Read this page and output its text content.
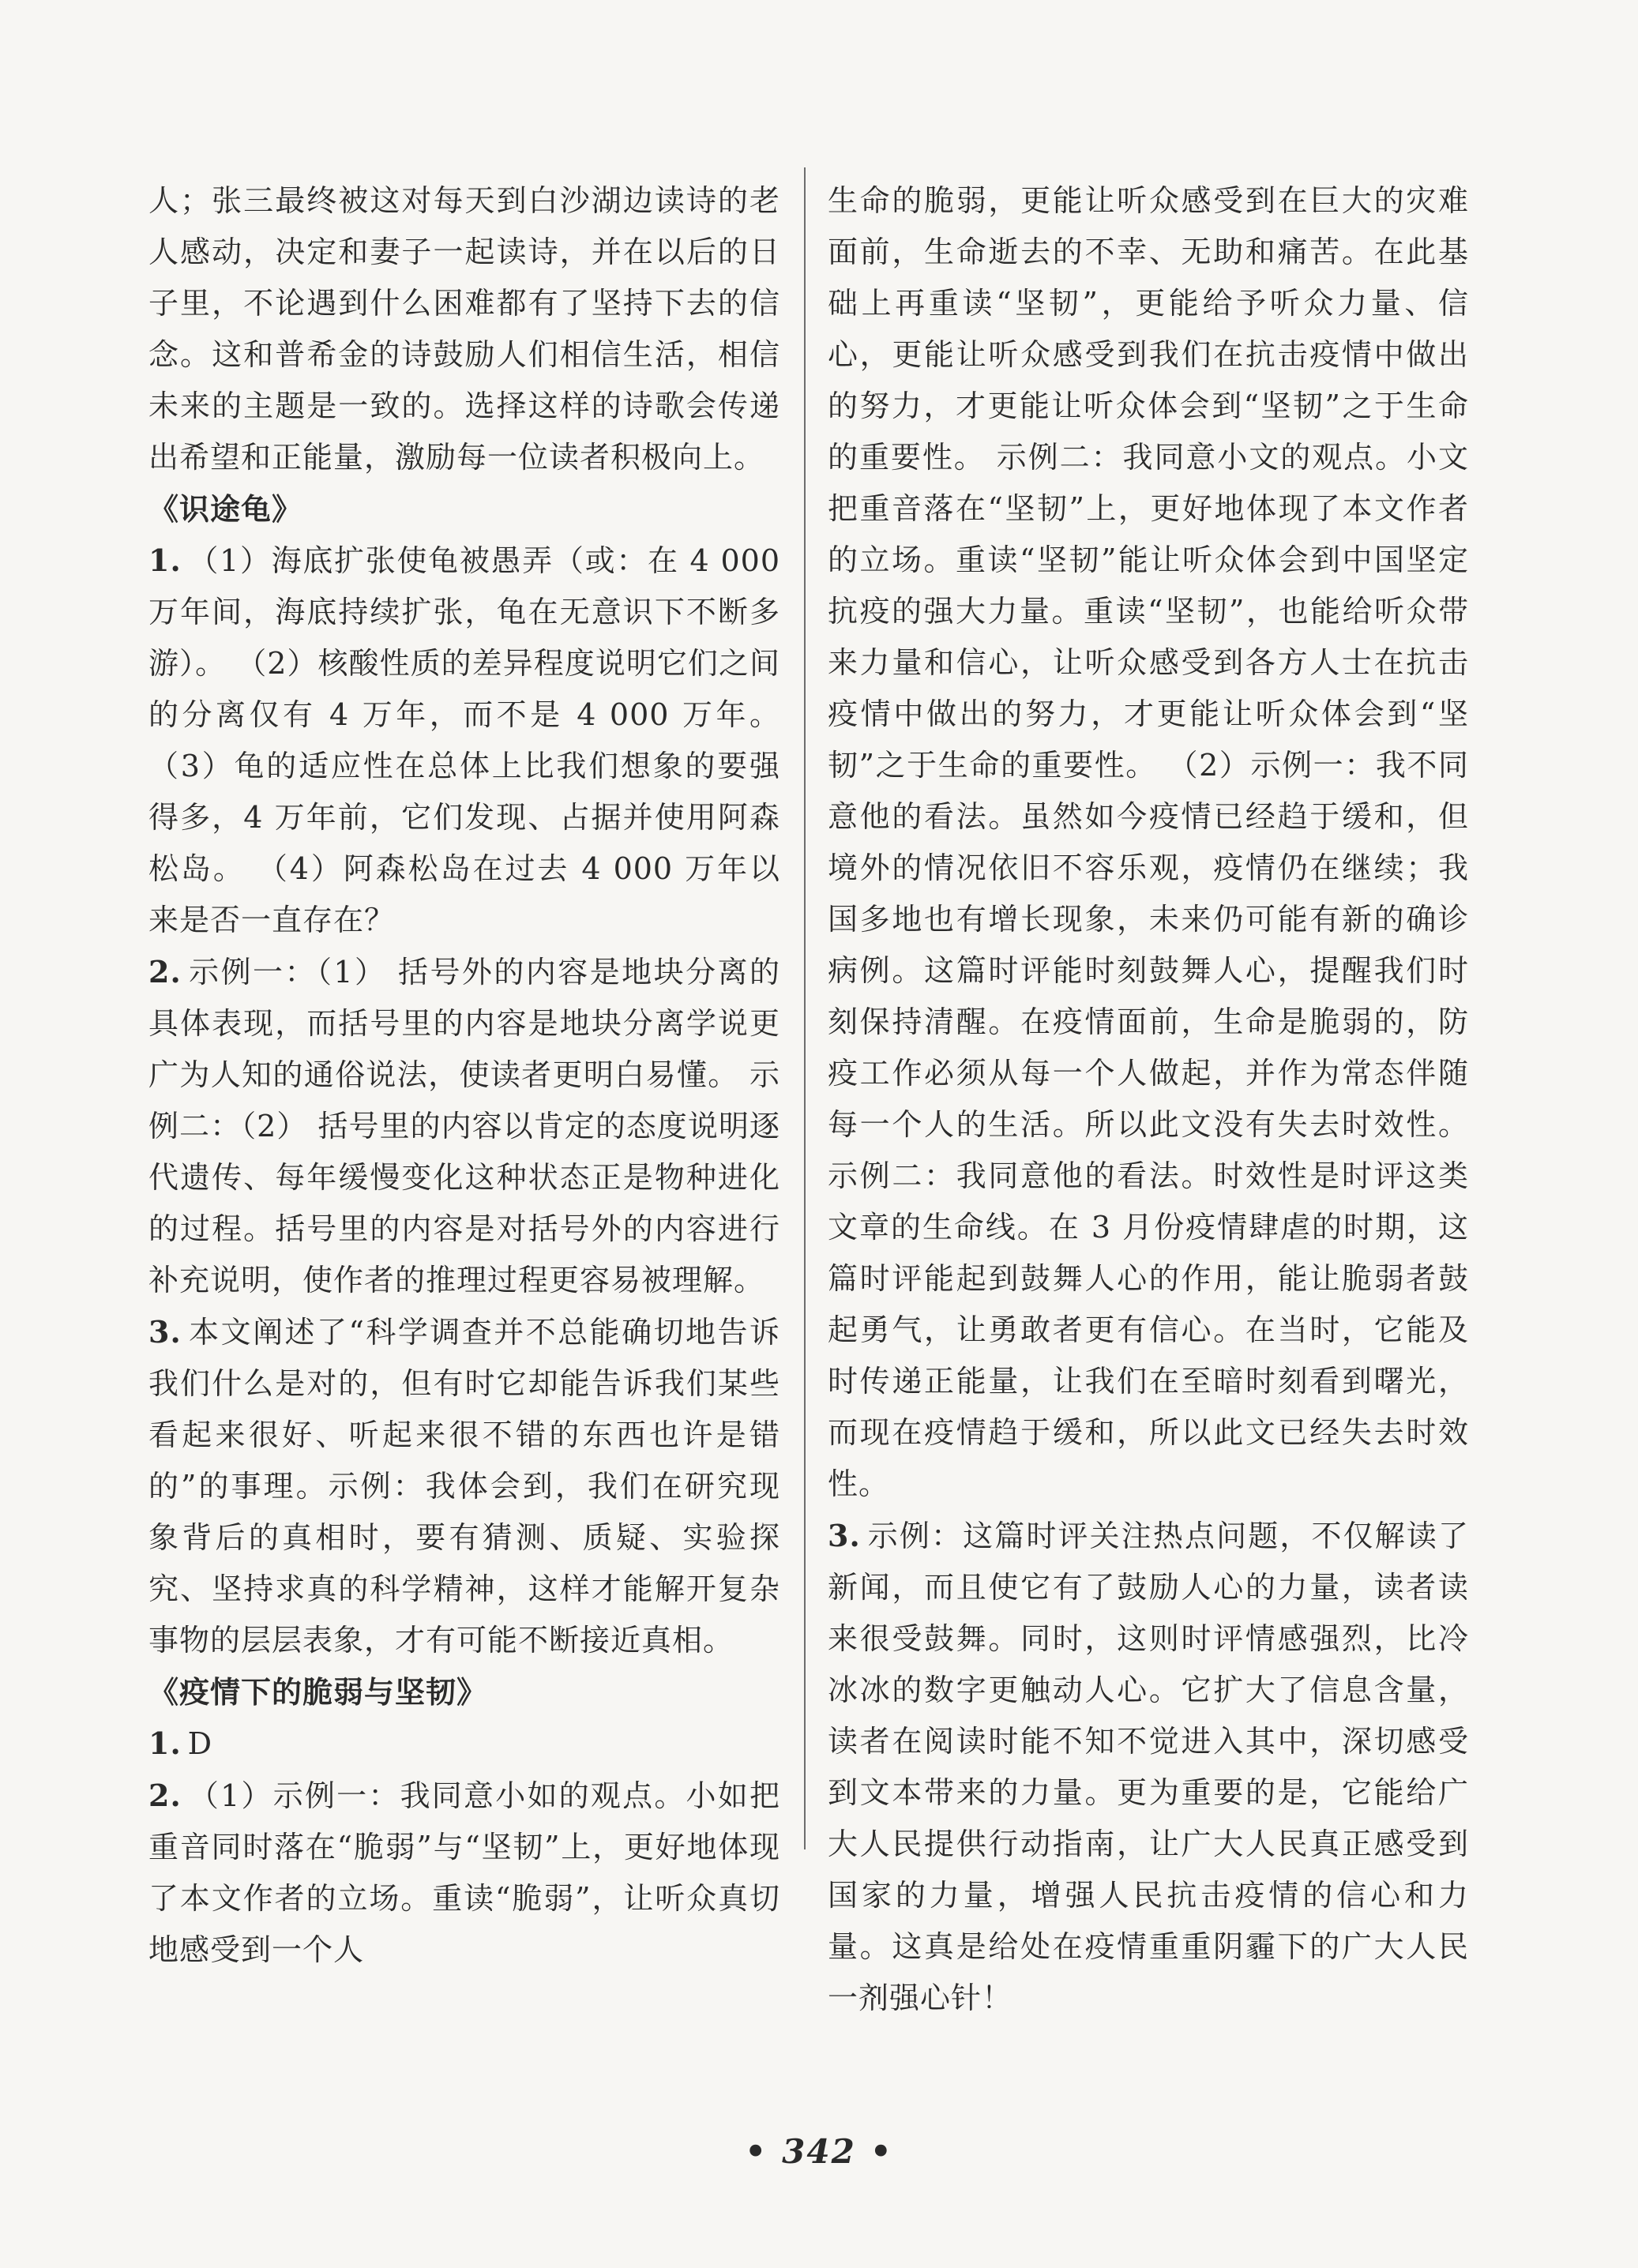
人；张三最终被这对每天到白沙湖边读诗的老人感动，决定和妻子一起读诗，并在以后的日子里，不论遇到什么困难都有了坚持下去的信念。这和普希金的诗鼓励人们相信生活，相信未来的主题是一致的。选择这样的诗歌会传递出希望和正能量，激励每一位读者积极向上。

《识途龟》

1. （1）海底扩张使龟被愚弄（或：在 4 000 万年间，海底持续扩张，龟在无意识下不断多游）。 （2）核酸性质的差异程度说明它们之间的分离仅有 4 万年，而不是 4 000 万年。 （3）龟的适应性在总体上比我们想象的要强得多，4 万年前，它们发现、占据并使用阿森松岛。 （4）阿森松岛在过去 4 000 万年以来是否一直存在？

2. 示例一：（1） 括号外的内容是地块分离的具体表现，而括号里的内容是地块分离学说更广为人知的通俗说法，使读者更明白易懂。 示例二：（2） 括号里的内容以肯定的态度说明逐代遗传、每年缓慢变化这种状态正是物种进化的过程。括号里的内容是对括号外的内容进行补充说明，使作者的推理过程更容易被理解。

3. 本文阐述了“科学调查并不总能确切地告诉我们什么是对的，但有时它却能告诉我们某些看起来很好、听起来很不错的东西也许是错的”的事理。示例：我体会到，我们在研究现象背后的真相时，要有猜测、质疑、实验探究、坚持求真的科学精神，这样才能解开复杂事物的层层表象，才有可能不断接近真相。

《疫情下的脆弱与坚韧》

1. D

2. （1）示例一：我同意小如的观点。小如把重音同时落在“脆弱”与“坚韧”上，更好地体现了本文作者的立场。重读“脆弱”，让听众真切地感受到一个人

生命的脆弱，更能让听众感受到在巨大的灾难面前，生命逝去的不幸、无助和痛苦。在此基础上再重读“坚韧”，更能给予听众力量、信心，更能让听众感受到我们在抗击疫情中做出的努力，才更能让听众体会到“坚韧”之于生命的重要性。 示例二：我同意小文的观点。小文把重音落在“坚韧”上，更好地体现了本文作者的立场。重读“坚韧”能让听众体会到中国坚定抗疫的强大力量。重读“坚韧”，也能给听众带来力量和信心，让听众感受到各方人士在抗击疫情中做出的努力，才更能让听众体会到“坚韧”之于生命的重要性。 （2）示例一：我不同意他的看法。虽然如今疫情已经趋于缓和，但境外的情况依旧不容乐观，疫情仍在继续；我国多地也有增长现象，未来仍可能有新的确诊病例。这篇时评能时刻鼓舞人心，提醒我们时刻保持清醒。在疫情面前，生命是脆弱的，防疫工作必须从每一个人做起，并作为常态伴随每一个人的生活。所以此文没有失去时效性。 示例二：我同意他的看法。时效性是时评这类文章的生命线。在 3 月份疫情肆虐的时期，这篇时评能起到鼓舞人心的作用，能让脆弱者鼓起勇气，让勇敢者更有信心。在当时，它能及时传递正能量，让我们在至暗时刻看到曙光，而现在疫情趋于缓和，所以此文已经失去时效性。

3. 示例：这篇时评关注热点问题，不仅解读了新闻，而且使它有了鼓励人心的力量，读者读来很受鼓舞。同时，这则时评情感强烈，比冷冰冰的数字更触动人心。它扩大了信息含量，读者在阅读时能不知不觉进入其中，深切感受到文本带来的力量。更为重要的是，它能给广大人民提供行动指南，让广大人民真正感受到国家的力量，增强人民抗击疫情的信心和力量。这真是给处在疫情重重阴霾下的广大人民一剂强心针！

• 342 •
